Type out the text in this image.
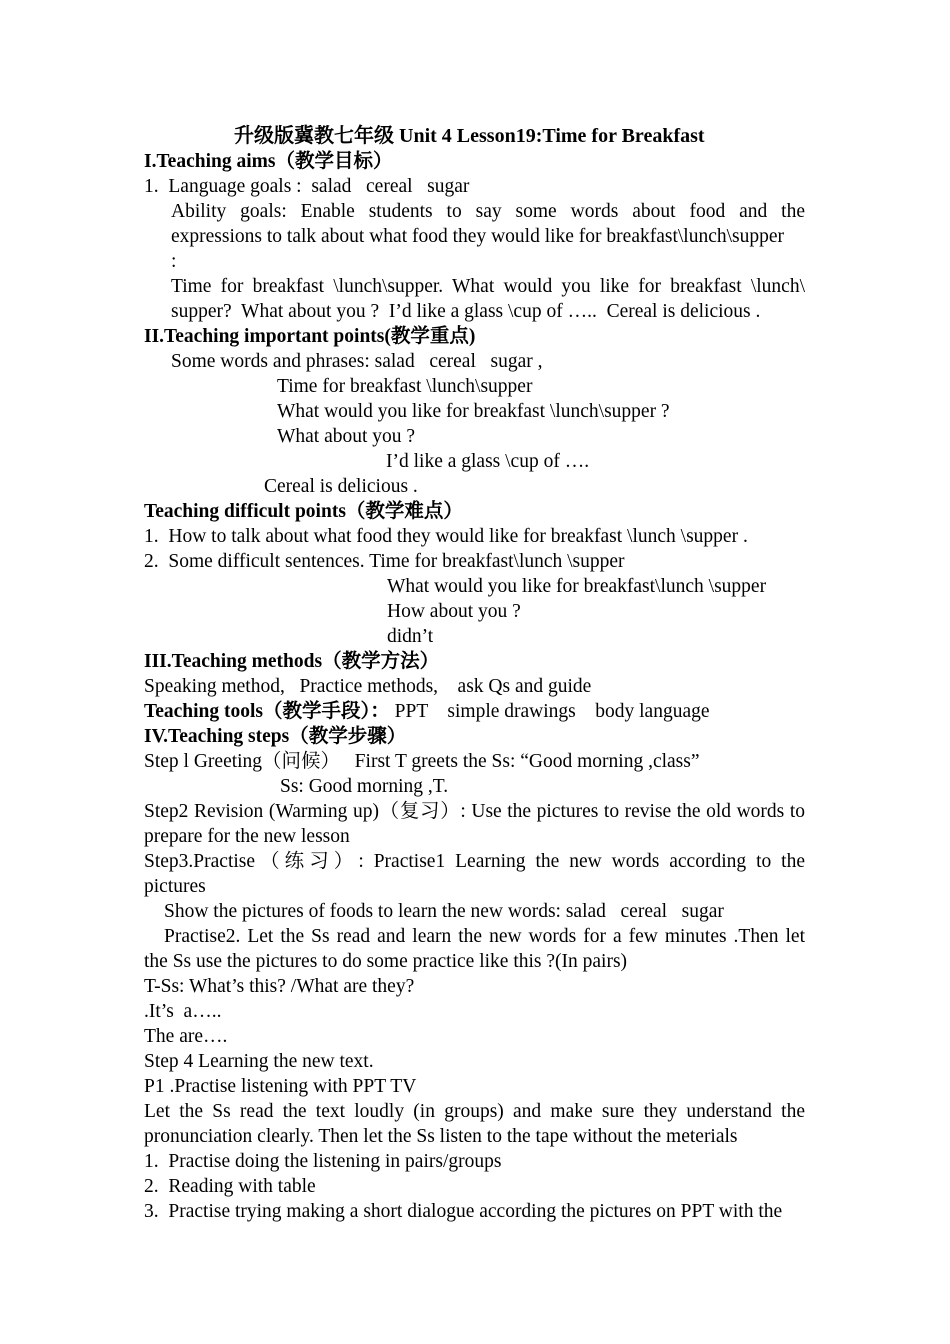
升级版冀教七年级 Unit 4 Lesson19:Time for Breakfast
I.Teaching aims（教学目标）
1.  Language goals :  salad   cereal   sugar
Ability goals: Enable students to say some words about food and the
expressions to talk about what food they would like for breakfast\lunch\supper
:
Time for breakfast \lunch\supper. What would you like for breakfast \lunch\
supper?  What about you ?  I’d like a glass \cup of …..  Cereal is delicious .
II.Teaching important points(教学重点)
Some words and phrases: salad   cereal   sugar ,
Time for breakfast \lunch\supper
What would you like for breakfast \lunch\supper ?
What about you ?
I’d like a glass \cup of ….
Cereal is delicious .
Teaching difficult points（教学难点）
1.  How to talk about what food they would like for breakfast \lunch \supper .
2.  Some difficult sentences. Time for breakfast\lunch \supper
What would you like for breakfast\lunch \supper
How about you ?
didn’t
III.Teaching methods（教学方法）
Speaking method,   Practice methods,    ask Qs and guide
Teaching tools（教学手段）： PPT    simple drawings    body language
IV.Teaching steps（教学步骤）
Step l Greeting（问候）   First T greets the Ss: “Good morning ,class”
Ss: Good morning ,T.
Step2 Revision (Warming up)（复习）: Use the pictures to revise the old words to
prepare for the new lesson
Step3.Practise（练习）: Practise1 Learning the new words according to the
pictures
Show the pictures of foods to learn the new words: salad   cereal   sugar
Practise2. Let the Ss read and learn the new words for a few minutes .Then let
the Ss use the pictures to do some practice like this ?(In pairs)
T-Ss: What’s this? /What are they?
.It’s  a…..
The are….
Step 4 Learning the new text.
P1 .Practise listening with PPT TV
Let the Ss read the text loudly (in groups) and make sure they understand the
pronunciation clearly. Then let the Ss listen to the tape without the meterials
1.  Practise doing the listening in pairs/groups
2.  Reading with table
3.  Practise trying making a short dialogue according the pictures on PPT with the
